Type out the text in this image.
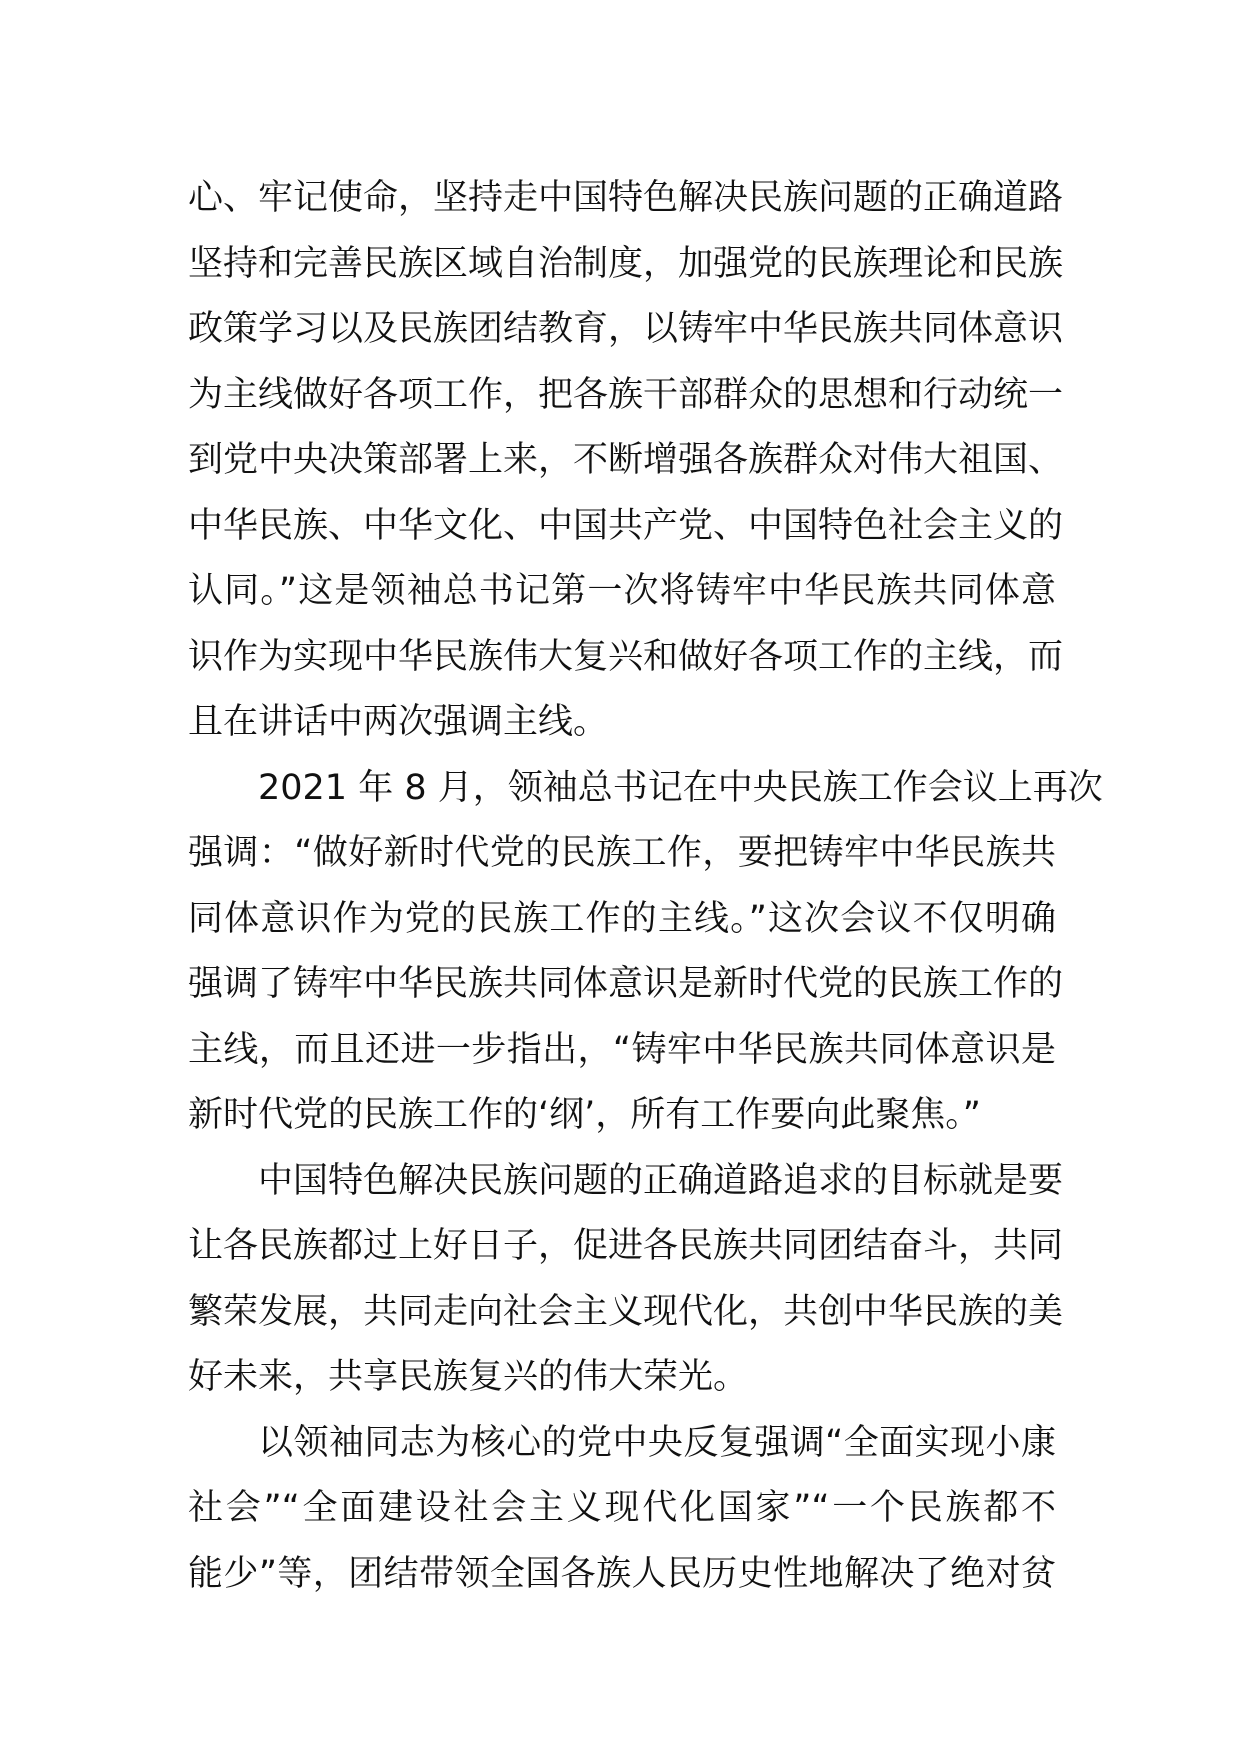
心、牢记使命，坚持走中国特色解决民族问题的正确道路
坚持和完善民族区域自治制度，加强党的民族理论和民族
政策学习以及民族团结教育，以铸牢中华民族共同体意识
为主线做好各项工作，把各族干部群众的思想和行动统一
到党中央决策部署上来，不断增强各族群众对伟大祖国、
中华民族、中华文化、中国共产党、中国特色社会主义的
认同。”这是领袖总书记第一次将铸牢中华民族共同体意
识作为实现中华民族伟大复兴和做好各项工作的主线，而
且在讲话中两次强调主线。
2021 年 8 月，领袖总书记在中央民族工作会议上再次
强调：“做好新时代党的民族工作，要把铸牢中华民族共
同体意识作为党的民族工作的主线。”这次会议不仅明确
强调了铸牢中华民族共同体意识是新时代党的民族工作的
主线，而且还进一步指出，“铸牢中华民族共同体意识是
新时代党的民族工作的‘纲’，所有工作要向此聚焦。”
中国特色解决民族问题的正确道路追求的目标就是要
让各民族都过上好日子，促进各民族共同团结奋斗，共同
繁荣发展，共同走向社会主义现代化，共创中华民族的美
好未来，共享民族复兴的伟大荣光。
以领袖同志为核心的党中央反复强调“全面实现小康
社会”“全面建设社会主义现代化国家”“一个民族都不
能少”等，团结带领全国各族人民历史性地解决了绝对贫
